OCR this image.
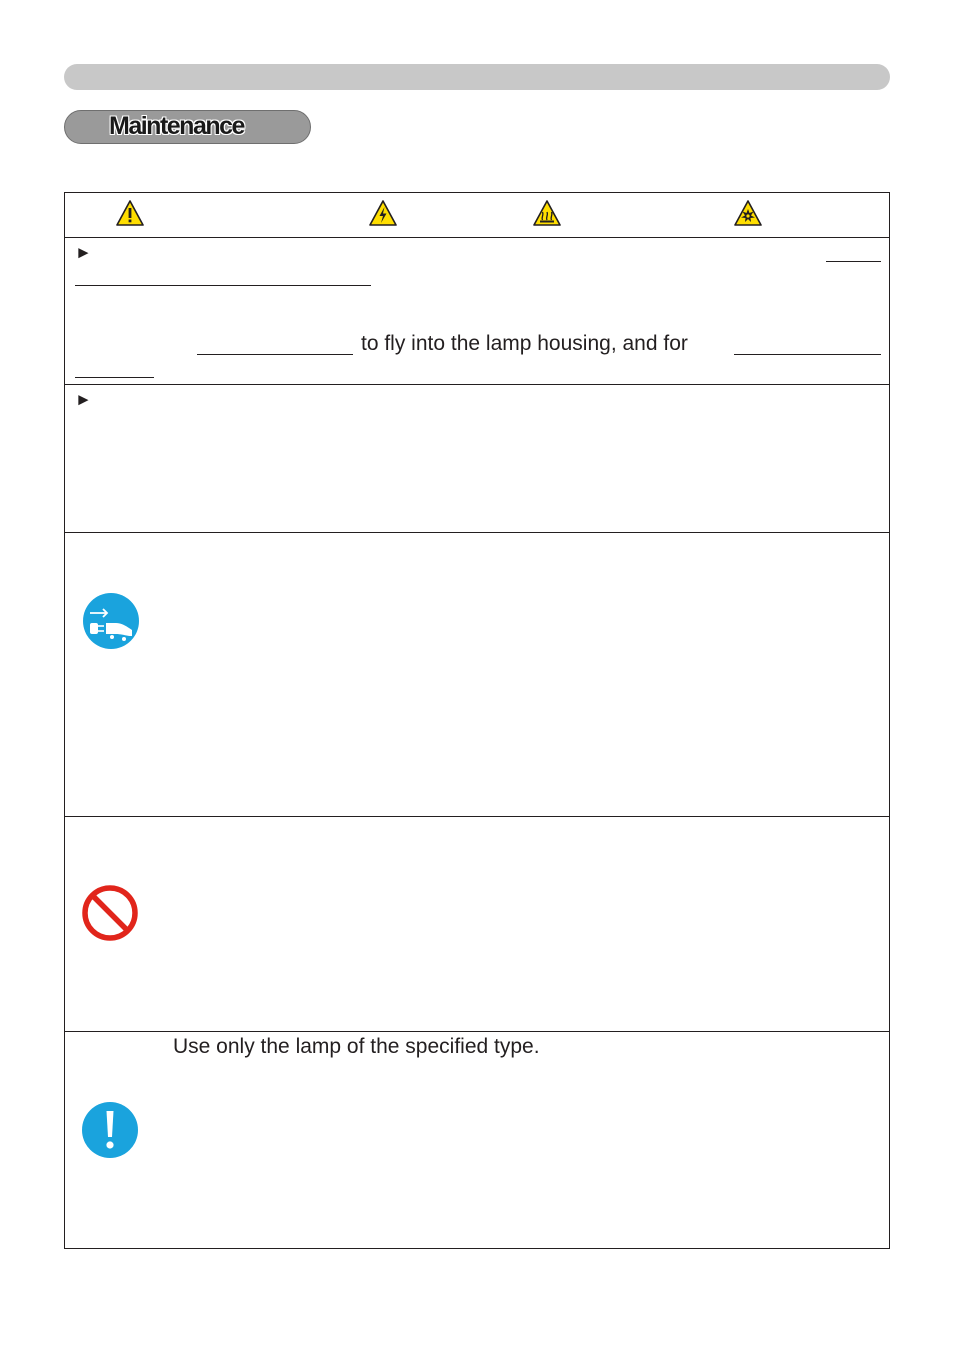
Maintenance
►
to fly into the lamp housing, and for
►
Use only the lamp of the specified type.
